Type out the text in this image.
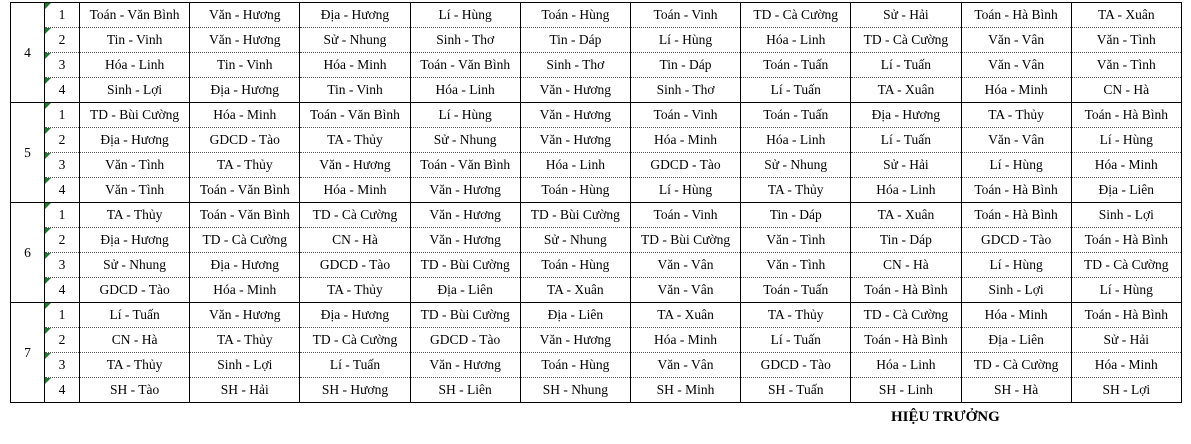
4	1	Toán - Văn Bình	Văn - Hương	Địa - Hương	Lí - Hùng	Toán - Hùng	Toán - Vinh	TD - Cà Cường	Sử - Hải	Toán - Hà Bình	TA - Xuân

2	Tin - Vinh	Văn - Hương	Sử - Nhung	Sinh - Thơ	Tin - Dáp	Lí - Hùng	Hóa - Linh	TD - Cà Cường	Văn - Vân	Văn - Tình

3	Hóa - Linh	Tin - Vinh	Hóa - Minh	Toán - Văn Bình	Sinh - Thơ	Tin - Dáp	Toán - Tuấn	Lí - Tuấn	Văn - Vân	Văn - Tình

4	Sinh - Lợi	Địa - Hương	Tin - Vinh	Hóa - Linh	Văn - Hương	Sinh - Thơ	Lí - Tuấn	TA - Xuân	Hóa - Minh	CN - Hà
5	1	TD - Bùi Cường	Hóa - Minh	Toán - Văn Bình	Lí - Hùng	Văn - Hương	Toán - Vinh	Toán - Tuấn	Địa - Hương	TA - Thủy	Toán - Hà Bình

2	Địa - Hương	GDCD - Tào	TA - Thủy	Sử - Nhung	Văn - Hương	Hóa - Minh	Hóa - Linh	Lí - Tuấn	Văn - Vân	Lí - Hùng

3	Văn - Tình	TA - Thủy	Văn - Hương	Toán - Văn Bình	Hóa - Linh	GDCD - Tào	Sử - Nhung	Sử - Hải	Lí - Hùng	Hóa - Minh

4	Văn - Tình	Toán - Văn Bình	Hóa - Minh	Văn - Hương	Toán - Hùng	Lí - Hùng	TA - Thủy	Hóa - Linh	Toán - Hà Bình	Địa - Liên
6	1	TA - Thủy	Toán - Văn Bình	TD - Cà Cường	Văn - Hương	TD - Bùi Cường	Toán - Vinh	Tin - Dáp	TA - Xuân	Toán - Hà Bình	Sinh - Lợi

2	Địa - Hương	TD - Cà Cường	CN - Hà	Văn - Hương	Sử - Nhung	TD - Bùi Cường	Văn - Tình	Tin - Dáp	GDCD - Tào	Toán - Hà Bình

3	Sử - Nhung	Địa - Hương	GDCD - Tào	TD - Bùi Cường	Toán - Hùng	Văn - Vân	Văn - Tình	CN - Hà	Lí - Hùng	TD - Cà Cường

4	GDCD - Tào	Hóa - Minh	TA - Thủy	Địa - Liên	TA - Xuân	Văn - Vân	Toán - Tuấn	Toán - Hà Bình	Sinh - Lợi	Lí - Hùng
7	1	Lí - Tuấn	Văn - Hương	Địa - Hương	TD - Bùi Cường	Địa - Liên	TA - Xuân	TA - Thủy	TD - Cà Cường	Hóa - Minh	Toán - Hà Bình

2	CN - Hà	TA - Thủy	TD - Cà Cường	GDCD - Tào	Văn - Hương	Hóa - Minh	Lí - Tuấn	Toán - Hà Bình	Địa - Liên	Sử - Hải

3	TA - Thủy	Sinh - Lợi	Lí - Tuấn	Văn - Hương	Toán - Hùng	Văn - Vân	GDCD - Tào	Hóa - Linh	TD - Cà Cường	Hóa - Minh

4	SH - Tào	SH - Hải	SH - Hương	SH - Liên	SH - Nhung	SH - Minh	SH - Tuấn	SH - Linh	SH - Hà	SH - Lợi
HIỆU TRƯỞNG
